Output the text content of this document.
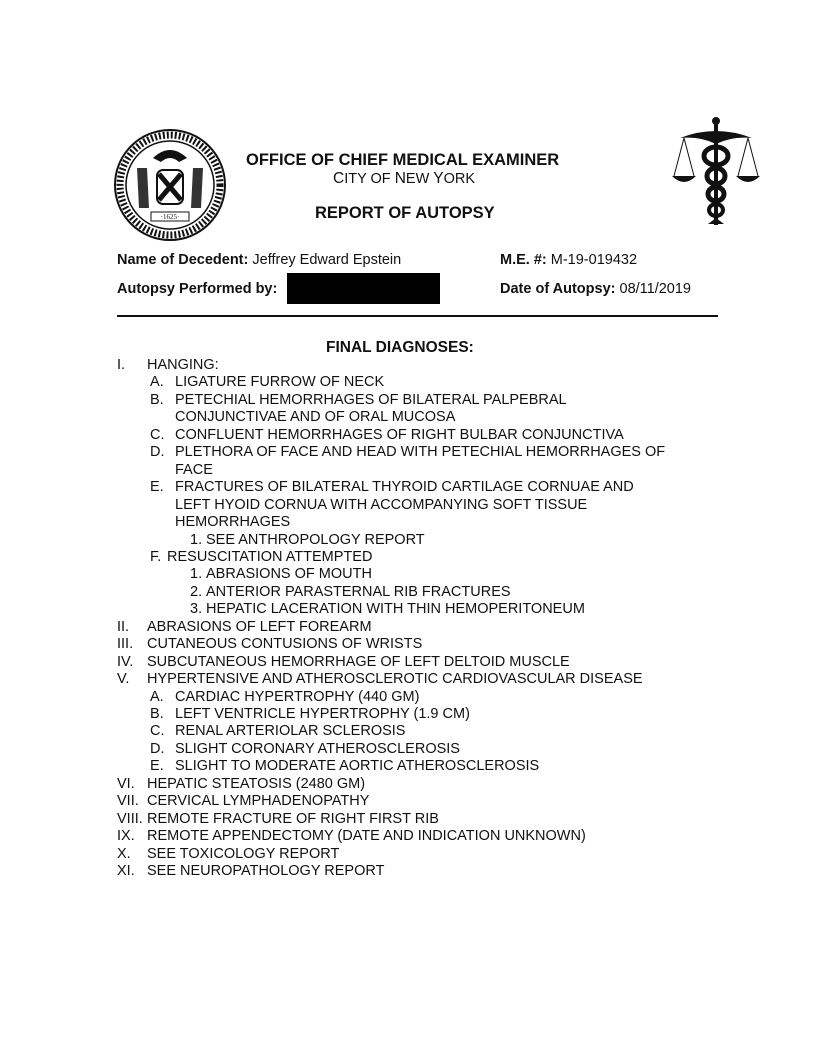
·1625·
OFFICE OF CHIEF MEDICAL EXAMINER
CITY OF NEW YORK
REPORT OF AUTOPSY
Name of Decedent: Jeffrey Edward Epstein	M.E. #: M-19-019432
Autopsy Performed by:	Date of Autopsy: 08/11/2019
FINAL DIAGNOSES:
I. HANGING:
A. LIGATURE FURROW OF NECK
B. PETECHIAL HEMORRHAGES OF BILATERAL PALPEBRAL
CONJUNCTIVAE AND OF ORAL MUCOSA
C. CONFLUENT HEMORRHAGES OF RIGHT BULBAR CONJUNCTIVA
D. PLETHORA OF FACE AND HEAD WITH PETECHIAL HEMORRHAGES OF
FACE
E. FRACTURES OF BILATERAL THYROID CARTILAGE CORNUAE AND
LEFT HYOID CORNUA WITH ACCOMPANYING SOFT TISSUE
HEMORRHAGES
1. SEE ANTHROPOLOGY REPORT
F. RESUSCITATION ATTEMPTED
1. ABRASIONS OF MOUTH
2. ANTERIOR PARASTERNAL RIB FRACTURES
3. HEPATIC LACERATION WITH THIN HEMOPERITONEUM
II. ABRASIONS OF LEFT FOREARM
III. CUTANEOUS CONTUSIONS OF WRISTS
IV. SUBCUTANEOUS HEMORRHAGE OF LEFT DELTOID MUSCLE
V. HYPERTENSIVE AND ATHEROSCLEROTIC CARDIOVASCULAR DISEASE
A. CARDIAC HYPERTROPHY (440 GM)
B. LEFT VENTRICLE HYPERTROPHY (1.9 CM)
C. RENAL ARTERIOLAR SCLEROSIS
D. SLIGHT CORONARY ATHEROSCLEROSIS
E. SLIGHT TO MODERATE AORTIC ATHEROSCLEROSIS
VI. HEPATIC STEATOSIS (2480 GM)
VII. CERVICAL LYMPHADENOPATHY
VIII. REMOTE FRACTURE OF RIGHT FIRST RIB
IX. REMOTE APPENDECTOMY (DATE AND INDICATION UNKNOWN)
X. SEE TOXICOLOGY REPORT
XI. SEE NEUROPATHOLOGY REPORT
